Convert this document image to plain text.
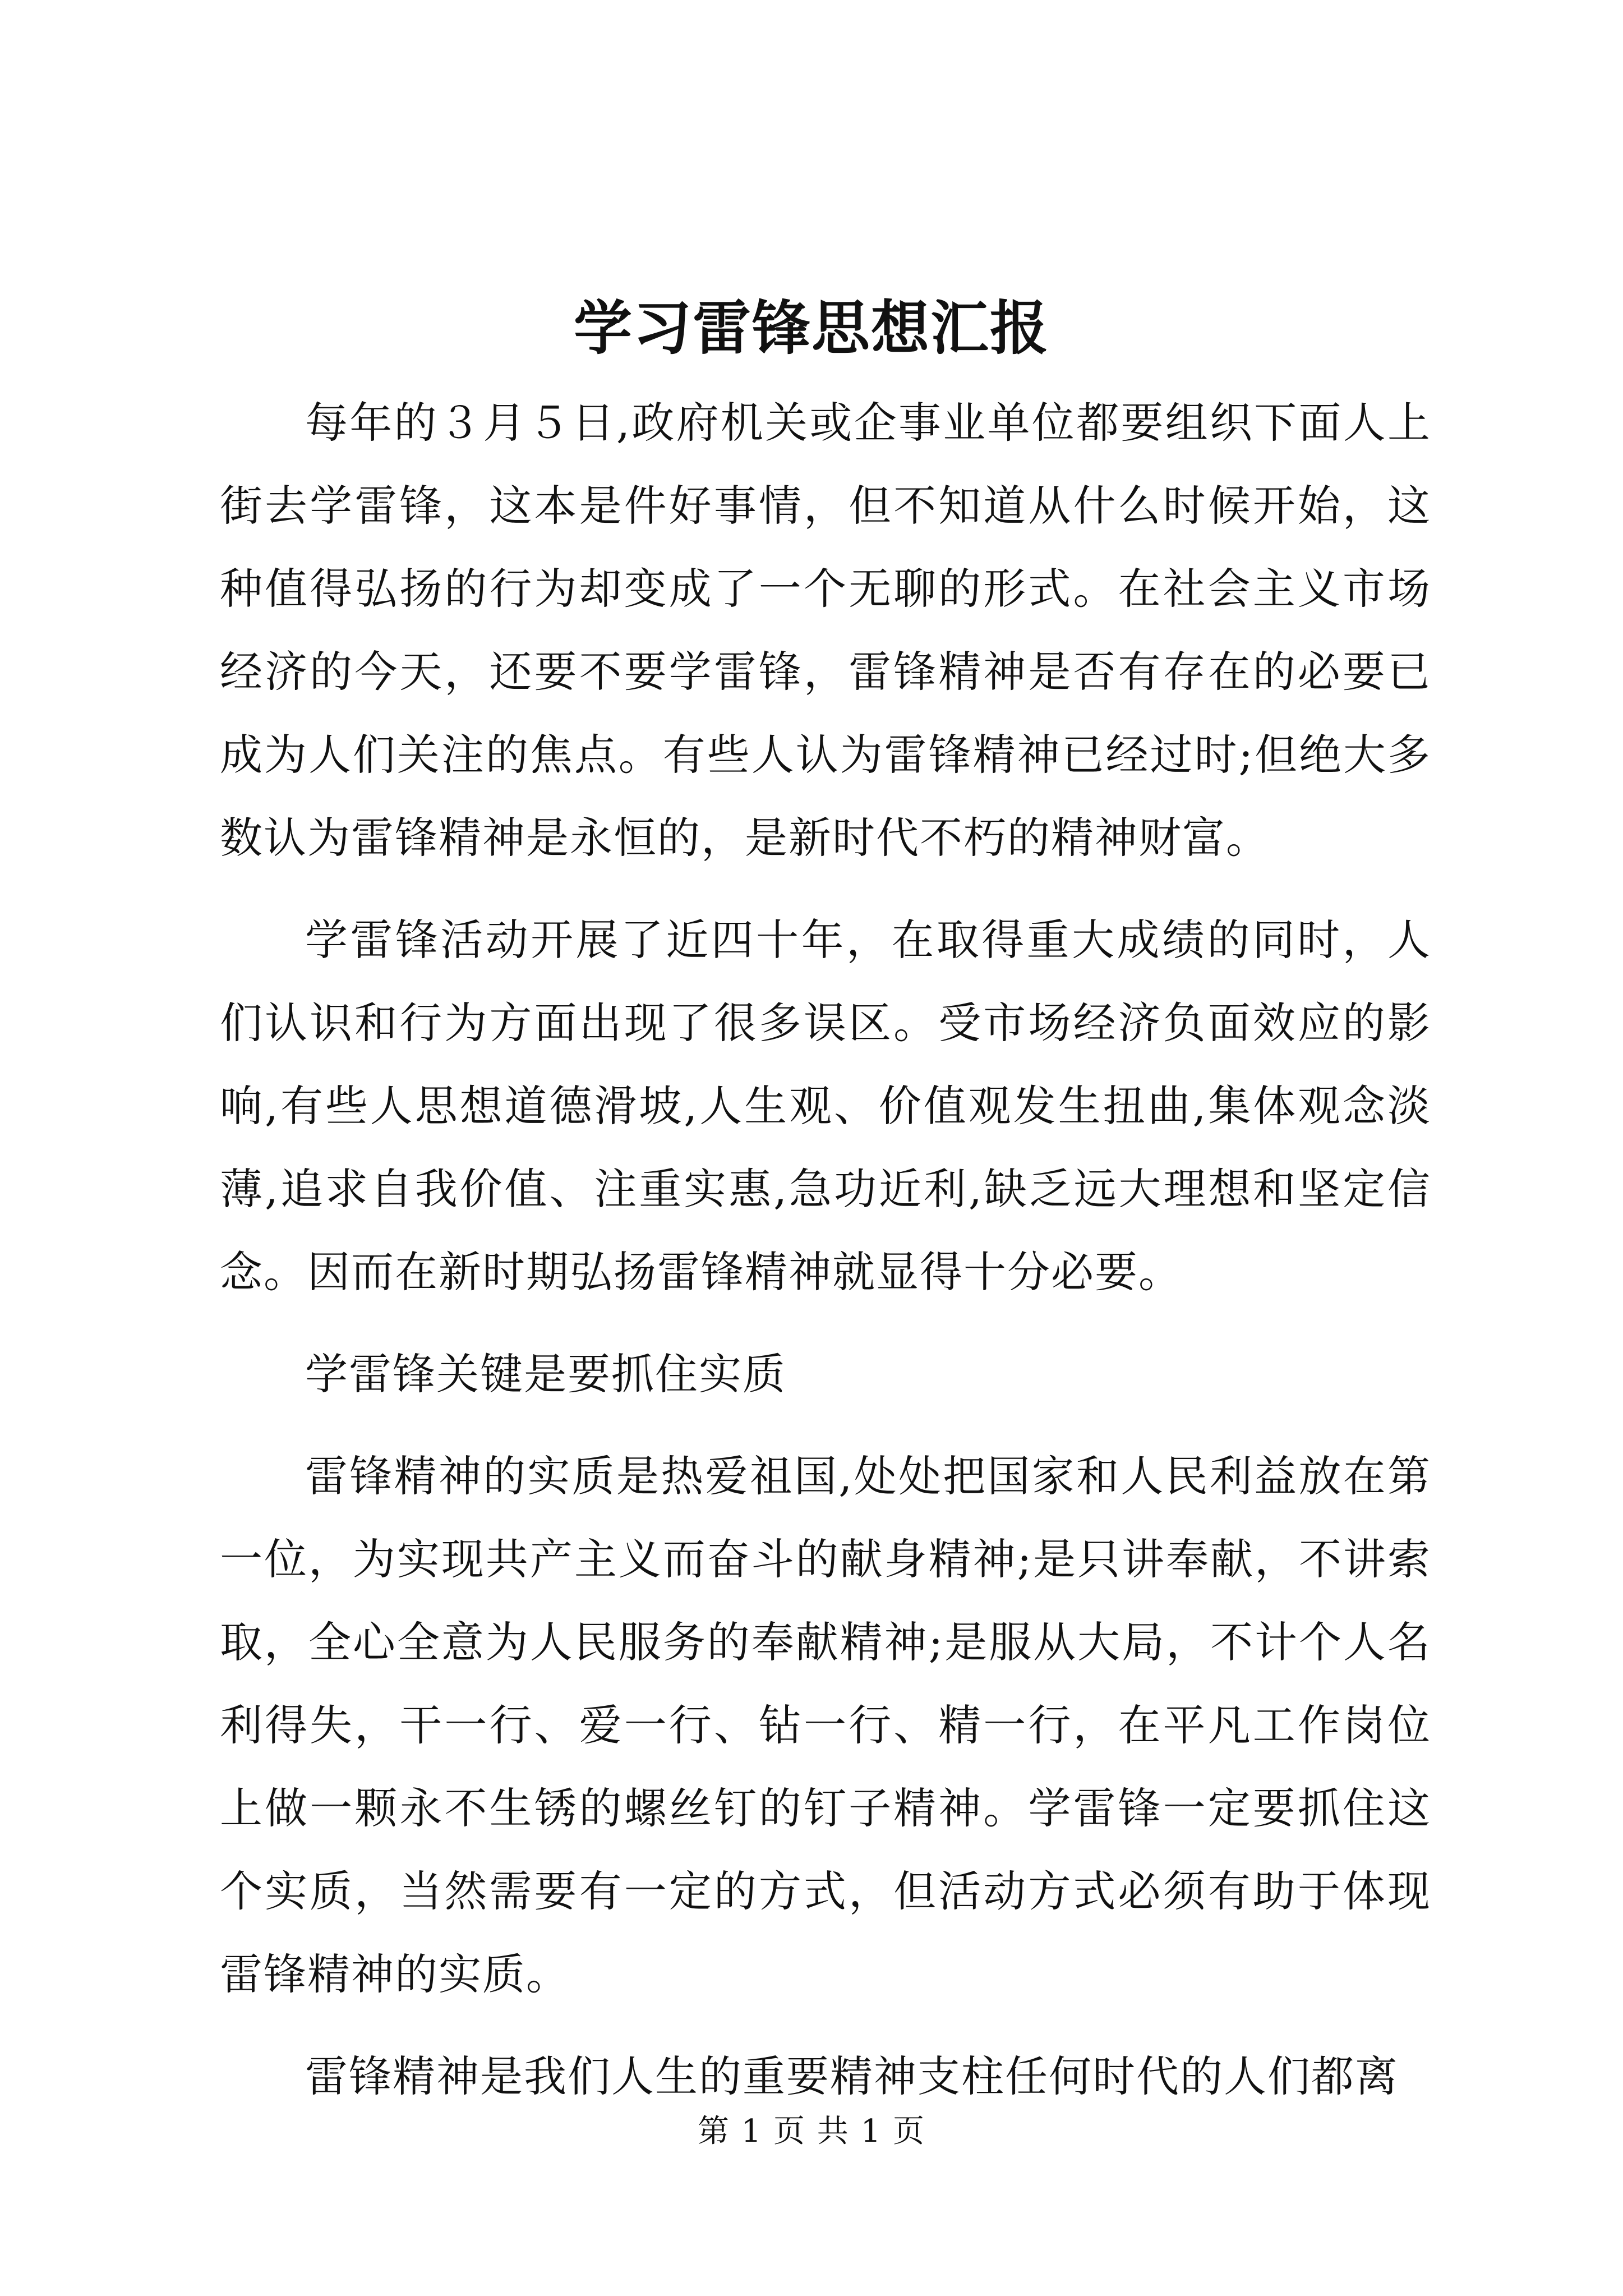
学习雷锋思想汇报

每年的３月５日,政府机关或企事业单位都要组织下面人上街去学雷锋，这本是件好事情，但不知道从什么时候开始，这种值得弘扬的行为却变成了一个无聊的形式。在社会主义市场经济的今天，还要不要学雷锋，雷锋精神是否有存在的必要已成为人们关注的焦点。有些人认为雷锋精神已经过时;但绝大多数认为雷锋精神是永恒的，是新时代不朽的精神财富。

学雷锋活动开展了近四十年，在取得重大成绩的同时，人们认识和行为方面出现了很多误区。受市场经济负面效应的影响,有些人思想道德滑坡,人生观、价值观发生扭曲,集体观念淡薄,追求自我价值、注重实惠,急功近利,缺乏远大理想和坚定信念。因而在新时期弘扬雷锋精神就显得十分必要。

学雷锋关键是要抓住实质

雷锋精神的实质是热爱祖国,处处把国家和人民利益放在第一位，为实现共产主义而奋斗的献身精神;是只讲奉献，不讲索取，全心全意为人民服务的奉献精神;是服从大局，不计个人名利得失，干一行、爱一行、钻一行、精一行，在平凡工作岗位上做一颗永不生锈的螺丝钉的钉子精神。学雷锋一定要抓住这个实质，当然需要有一定的方式，但活动方式必须有助于体现雷锋精神的实质。

雷锋精神是我们人生的重要精神支柱任何时代的人们都离

第 1 页 共 1 页
